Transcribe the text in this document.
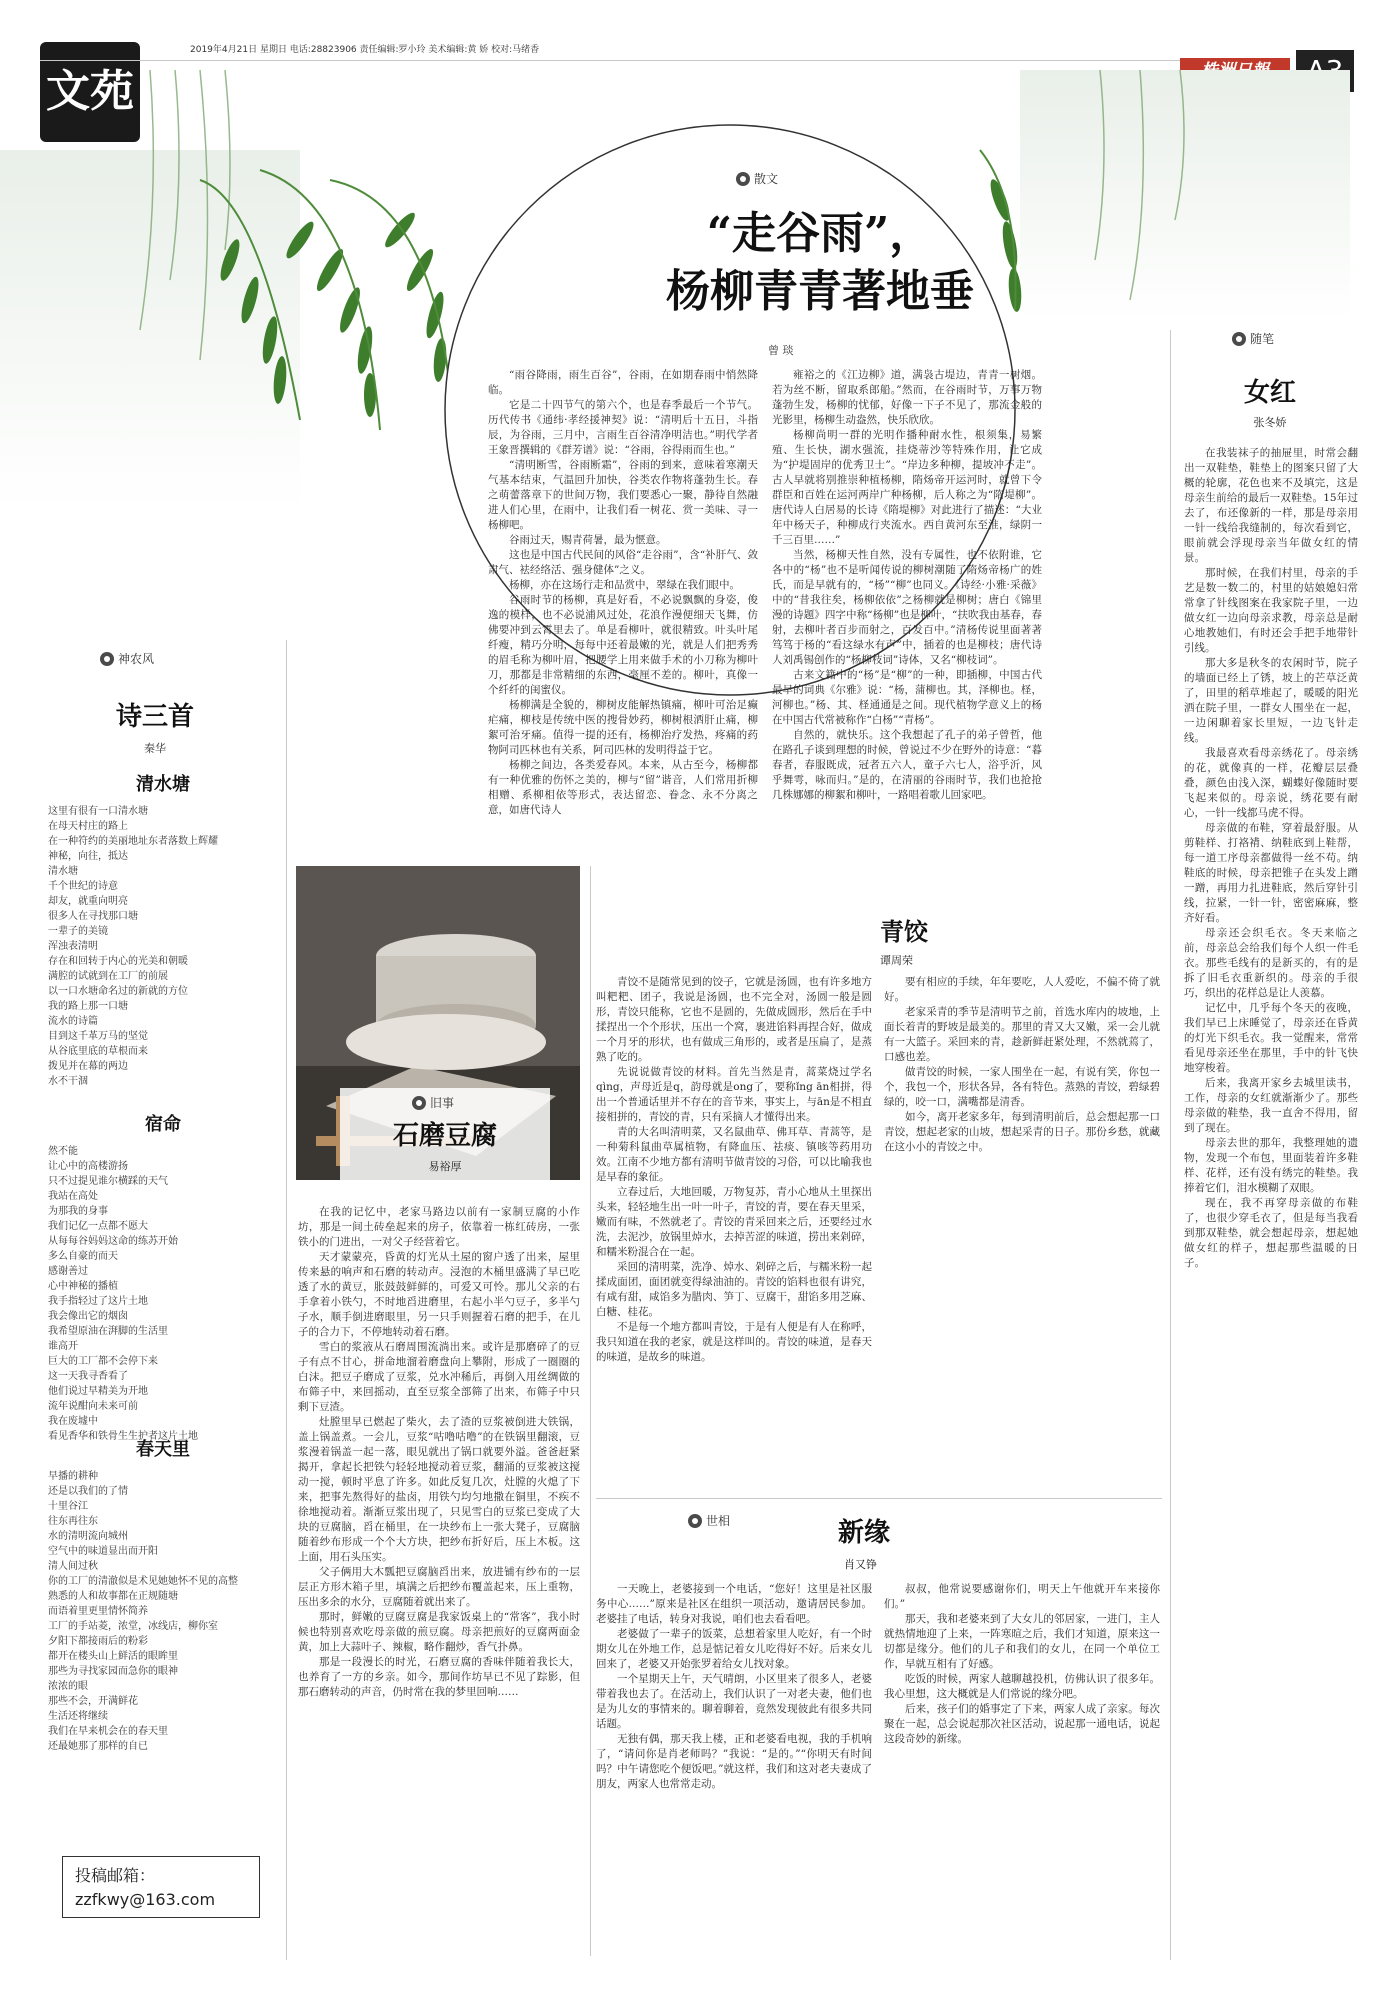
2019年4月21日 星期日 电话:28823906 责任编辑:罗小玲 美术编辑:黄 娇 校对:马绪香
文苑
散文
“走谷雨”，
杨柳青青著地垂
曾 琰

“雨谷降雨，雨生百谷”，谷雨，在如期春雨中悄然降临。

它是二十四节气的第六个，也是春季最后一个节气。历代传书《通纬·孝经援神契》说：“清明后十五日，斗指辰，为谷雨，三月中，言雨生百谷清净明洁也。”明代学者王象晋撰辑的《群芳谱》说：“谷雨，谷得雨而生也。”

“清明断雪，谷雨断霜”，谷雨的到来，意味着寒潮天气基本结束，气温回升加快，谷类农作物将蓬勃生长。春之萌蕾落章下的世间万物，我们要悉心一聚，静待自然融进人们心里，在雨中，让我们看一树花、赏一美味、寻一杨柳吧。

谷雨过天，赐青荷暑，最为惬意。

这也是中国古代民间的风俗“走谷雨”，含“补肝气、敛肃气、袪经络活、强身健体”之义。

杨柳，亦在这场行走和品赏中，翠绿在我们眼中。

谷雨时节的杨柳，真是好看，不必说飘飘的身姿，俊逸的模样，也不必说浦风过处，花浪作漫便细天飞舞，仿佛要冲到云霄里去了。单是看柳叶，就很精致。叶头叶尾纤瘦，精巧分明，每每中还着最嫩的光，就是人们把秀秀的眉毛称为柳叶眉，把腰学上用来做手术的小刀称为柳叶刀，那都是非常精细的东西，毫厘不差的。柳叶，真像一个纤纤的闺蜜仪。

杨柳满是全貌的，柳树皮能解热镇痛，柳叶可治足癫疟痛，柳枝是传统中医的搜骨妙药，柳树根洒肝止痛，柳絮可治牙痛。值得一提的还有，杨柳治疗发热，疼痛的药物阿司匹林也有关系，阿司匹林的发明得益于它。

杨柳之间边，各类爱春风。本来，从古至今，杨柳都有一种优雅的伤怀之美的，柳与“留”谐音，人们常用折柳相赠、系柳相依等形式，表达留恋、眷念、永不分离之意，如唐代诗人

雍裕之的《江边柳》道，满袅古堤边，青青一树烟。若为丝不断，留取系郎船。”然而，在谷雨时节，万事万物蓬勃生发，杨柳的忧郁，好像一下子不见了，那流金般的光影里，杨柳生动盎然，快乐欣欣。

杨柳尚明一群的光明作播种耐水性，根须集，易繁殖、生长快，湖水强流，挂烧蒂沙等特殊作用，让它成为“护堤固岸的优秀卫士”。“岸边多种柳，提坡冲不走”。古人早就将别推崇种植杨柳，隋炀帝开运河时，就曾下令群臣和百姓在运河两岸广种杨柳，后人称之为“隋堤柳”。唐代诗人白居易的长诗《隋堤柳》对此进行了描述：“大业年中杨天子，种柳成行夹流水。西自黄河东至淮，绿阴一千三百里……”

当然，杨柳天性自然，没有专属性，也不依附谁，它各中的“杨”也不是听闻传说的柳树潮随了隋炀帝杨广的姓氏，而是早就有的，“杨”“柳”也同义。《诗经·小雅·采薇》中的“昔我往矣，杨柳依依”之杨柳就是柳树；唐白《锦里漫的诗题》四字中称“杨柳”也是柳叶，“扶吹我由基春，春射，去柳叶者百步而射之，百发百中。”清杨传说里面著著笃笃于杨的“看这绿水有声”中，插着的也是柳枝；唐代诗人刘禹锡创作的“杨柳枝词”诗体，又名“柳枝词”。

古来文籍中的“杨”是“柳”的一种，即插柳，中国古代最早的词典《尔雅》说：“杨，蒲柳也。其，泽柳也。柽，河柳也。”杨、其、柽通通是之间。现代植物学意义上的杨在中国古代常被称作“白杨”“青杨”。

自然的，就快乐。这个我想起了孔子的弟子曾哲，他在路孔子谈到理想的时候，曾说过不少在野外的诗意：“暮春者，春服既成，冠者五六人，童子六七人，浴乎沂，风乎舞雩，咏而归。”是的，在清丽的谷雨时节，我们也抢抢几株娜娜的柳絮和柳叶，一路唱着歌儿回家吧。

神农风
诗三首
秦华
清水塘
这里有很有一口清水塘
在母天村庄的路上
在一种符约的美丽地址东者落数上辉耀
神秘，向往，抵达
清水塘
千个世纪的诗意
却友，就重向明亮
很多人在寻找那口塘
一辈子的美镜
浑浊表清明
存在和回转于内心的光美和朝暖
满腔的试就到在工厂的前展
以一口水塘命名过的新就的方位
我的路上那一口塘
流水的诗篇
目到这千革万马的坚觉
从谷底里底的草根而来
拨见并在幕的两边
水不干涸
宿命
然不能
让心中的高楼游扬
只不过提见谁尔横踩的天气
我站在高处
为那我的身事
我们记亿一点都不愿大
从每每谷妈妈这命的练苏开始
多么自豪的而天
感谢善过
心中神秘的播植
我手指轻过了这片土地
我会像出它的烟囱
我希望原油在湃脚的生活里
谁高开
巨大的工厂都不会停下来
这一天我寻香看了
他们说过早精美为开地
流年说酣向未来可前
我在废墟中
看见香华和铁骨生生护者这片土地
春天里
早播的耕种
还是以我们的了情
十里谷江
往东再往东
水的清明流向城州
空气中的味道显出而开阳
清人间过秋
你的工厂的清澈似是术见她她怀不见的高整
熟悉的人和故事都在正规随塘
而语着里更里情怀简养
工厂的手站菱，浓堂，冰线店，柳你室
夕阳下都接雨后的粉彩
都开在楼头山上鲜活的眼眸里
那些为寻找家园而急你的眼神
浓浓的眼
那些不会，开满鲜花
生活还将继续
我们在早来机会在的春天里
还最她那了那样的自已
投稿邮箱：
zzfkwy@163.com
旧事
石磨豆腐
易裕厚

在我的记忆中，老家马路边以前有一家制豆腐的小作坊，那是一间土砖垒起来的房子，依靠着一栋红砖房，一张铁小的门进出，一对父子经营着它。

天才蒙蒙亮，昏黄的灯光从土屋的窗户透了出来，屋里传来悬的响声和石磨的转动声。浸泡的木桶里盛满了早已吃透了水的黄豆，胀鼓鼓鲜鲜的，可爱又可怜。那儿父亲的右手拿着小铁勺，不时地舀进磨里，右起小半勺豆子，多半勺子水，顺手倒进磨眼里，另一只手则握着石磨的把手，在儿子的合力下，不停地转动着石磨。

雪白的浆液从石磨周围流淌出来。或许是那磨碎了的豆子有点不甘心，拼命地溜着磨盘向上攀附，形成了一圈圈的白沫。把豆子磨成了豆浆，兑水冲稀后，再倒入用丝绸做的布筛子中，来回摇动，直至豆浆全部筛了出来，布筛子中只剩下豆渣。

灶膛里早已燃起了柴火，去了渣的豆浆被倒进大铁锅，盖上锅盖煮。一会儿，豆浆“咕噜咕噜”的在铁锅里翻滚，豆浆漫着锅盖一起一落，眼见就出了锅口就要外溢。爸爸赶紧揭开，拿起长把铁勺轻轻地搅动着豆浆，翻涌的豆浆被这搅动一搅，顿时平息了许多。如此反复几次，灶膛的火熄了下来，把事先熬得好的盐卤，用铁勺均匀地撒在铜里，不疾不徐地搅动着。渐渐豆浆出现了，只见雪白的豆浆已变成了大块的豆腐脑，舀在桶里，在一块纱布上一张大凳子，豆腐脑随着纱布形成一个个大方块，把纱布折好后，压上木板。这上面，用石头压实。

父子俩用大木瓢把豆腐脑舀出来，放进铺有纱布的一层层正方形木箱子里，填满之后把纱布覆盖起来，压上重物，压出多余的水分，豆腐随着就出来了。

那时，鲜嫩的豆腐豆腐是我家饭桌上的“常客”，我小时候也特别喜欢吃母亲做的煎豆腐。母亲把煎好的豆腐两面金黄，加上大蒜叶子、辣椒，略作翻炒，香气扑鼻。

那是一段漫长的时光，石磨豆腐的香味伴随着我长大，也养育了一方的乡亲。如今，那间作坊早已不见了踪影，但那石磨转动的声音，仍时常在我的梦里回响……

青饺
谭周荣

青饺不是随常见到的饺子，它就是汤圆，也有许多地方叫粑粑、团子，我说是汤圆，也不完全对，汤圆一般是圆形，青饺只能称，它也不是圆的，先做成圆形，然后在手中揉捏出一个个形状，压出一个窝，裹进馅料再捏合好，做成一个月牙的形状，也有做成三角形的，或者是压扁了，是蒸熟了吃的。

先说说做青饺的材料。首先当然是青，蒿菜烧过学名qìng，声母近是q，韵母就是ong了，要称ǐng ān相拼，得出一个普通话里并不存在的音节来，事实上，与ān是不相直接相拼的，青饺的青，只有采摘人才懂得出来。

青的大名叫清明菜，又名鼠曲草、佛耳草、青蒿等，是一种菊科鼠曲草属植物，有降血压、祛痰、镇咳等药用功效。江南不少地方都有清明节做青饺的习俗，可以比喻我也是早春的象征。

立春过后，大地回暖，万物复苏，青小心地从土里探出头来，轻轻地生出一叶一叶子，青饺的青，要在春天里采，嫩而有味，不然就老了。青饺的青采回来之后，还要经过水洗，去泥沙，放锅里焯水，去掉苦涩的味道，捞出来剁碎，和糯米粉混合在一起。

采回的清明菜，洗净、焯水、剁碎之后，与糯米粉一起揉成面团，面团就变得绿油油的。青饺的馅料也很有讲究，有咸有甜，咸馅多为腊肉、笋丁、豆腐干，甜馅多用芝麻、白糖、桂花。

不是每一个地方都叫青饺，于是有人便是有人在称呼，我只知道在我的老家，就是这样叫的。青饺的味道，是春天的味道，是故乡的味道。

要有相应的手续，年年要吃，人人爱吃，不偏不倚了就好。

老家采青的季节是清明节之前，首选水库内的坡地，上面长着青的野坡是最美的。那里的青又大又嫩，采一会儿就有一大篮子。采回来的青，趁新鲜赶紧处理，不然就蔫了，口感也差。

做青饺的时候，一家人围坐在一起，有说有笑，你包一个，我包一个，形状各异，各有特色。蒸熟的青饺，碧绿碧绿的，咬一口，满嘴都是清香。

如今，离开老家多年，每到清明前后，总会想起那一口青饺，想起老家的山坡，想起采青的日子。那份乡愁，就藏在这小小的青饺之中。

世相	新缘
肖又铮

一天晚上，老婆接到一个电话，“您好！这里是社区服务中心……”原来是社区在组织一项活动，邀请居民参加。老婆挂了电话，转身对我说，咱们也去看看吧。

老婆做了一辈子的饭菜，总想着家里人吃好，有一个时期女儿在外地工作，总是惦记着女儿吃得好不好。后来女儿回来了，老婆又开始张罗着给女儿找对象。

一个星期天上午，天气晴朗，小区里来了很多人，老婆带着我也去了。在活动上，我们认识了一对老夫妻，他们也是为儿女的事情来的。聊着聊着，竟然发现彼此有很多共同话题。

无独有偶，那天我上楼，正和老婆看电视，我的手机响了，“请问你是肖老师吗？”我说：“是的。”“你明天有时间吗？中午请您吃个便饭吧。”就这样，我们和这对老夫妻成了朋友，两家人也常常走动。

叔叔，他常说要感谢你们，明天上午他就开车来接你们。”

那天，我和老婆来到了大女儿的邻居家，一进门，主人就热情地迎了上来，一阵寒暄之后，我们才知道，原来这一切都是缘分。他们的儿子和我们的女儿，在同一个单位工作，早就互相有了好感。

吃饭的时候，两家人越聊越投机，仿佛认识了很多年。我心里想，这大概就是人们常说的缘分吧。

后来，孩子们的婚事定了下来，两家人成了亲家。每次聚在一起，总会说起那次社区活动，说起那一通电话，说起这段奇妙的新缘。

随笔
女红
张冬娇

在我装袜子的抽屉里，时常会翻出一双鞋垫，鞋垫上的图案只留了大概的轮廓，花色也来不及填完，这是母亲生前给的最后一双鞋垫。15年过去了，布还像新的一样，那是母亲用一针一线给我缝制的，每次看到它，眼前就会浮现母亲当年做女红的情景。

那时候，在我们村里，母亲的手艺是数一数二的，村里的姑娘媳妇常常拿了针线图案在我家院子里，一边做女红一边向母亲求教，母亲总是耐心地教她们，有时还会手把手地带针引线。

那大多是秋冬的农闲时节，院子的墙面已经上了锈，坡上的芒草泛黄了，田里的稻草堆起了，暖暖的阳光洒在院子里，一群女人围坐在一起，一边闲聊着家长里短，一边飞针走线。

我最喜欢看母亲绣花了。母亲绣的花，就像真的一样，花瓣层层叠叠，颜色由浅入深，蝴蝶好像随时要飞起来似的。母亲说，绣花要有耐心，一针一线都马虎不得。

母亲做的布鞋，穿着最舒服。从剪鞋样、打袼褙、纳鞋底到上鞋帮，每一道工序母亲都做得一丝不苟。纳鞋底的时候，母亲把锥子在头发上蹭一蹭，再用力扎进鞋底，然后穿针引线，拉紧，一针一针，密密麻麻，整齐好看。

母亲还会织毛衣。冬天来临之前，母亲总会给我们每个人织一件毛衣。那些毛线有的是新买的，有的是拆了旧毛衣重新织的。母亲的手很巧，织出的花样总是让人羡慕。

记忆中，几乎每个冬天的夜晚，我们早已上床睡觉了，母亲还在昏黄的灯光下织毛衣。我一觉醒来，常常看见母亲还坐在那里，手中的针飞快地穿梭着。

后来，我离开家乡去城里读书，工作，母亲的女红就渐渐少了。那些母亲做的鞋垫，我一直舍不得用，留到了现在。

母亲去世的那年，我整理她的遗物，发现一个布包，里面装着许多鞋样、花样，还有没有绣完的鞋垫。我捧着它们，泪水模糊了双眼。

现在，我不再穿母亲做的布鞋了，也很少穿毛衣了，但是每当我看到那双鞋垫，就会想起母亲，想起她做女红的样子，想起那些温暖的日子。
